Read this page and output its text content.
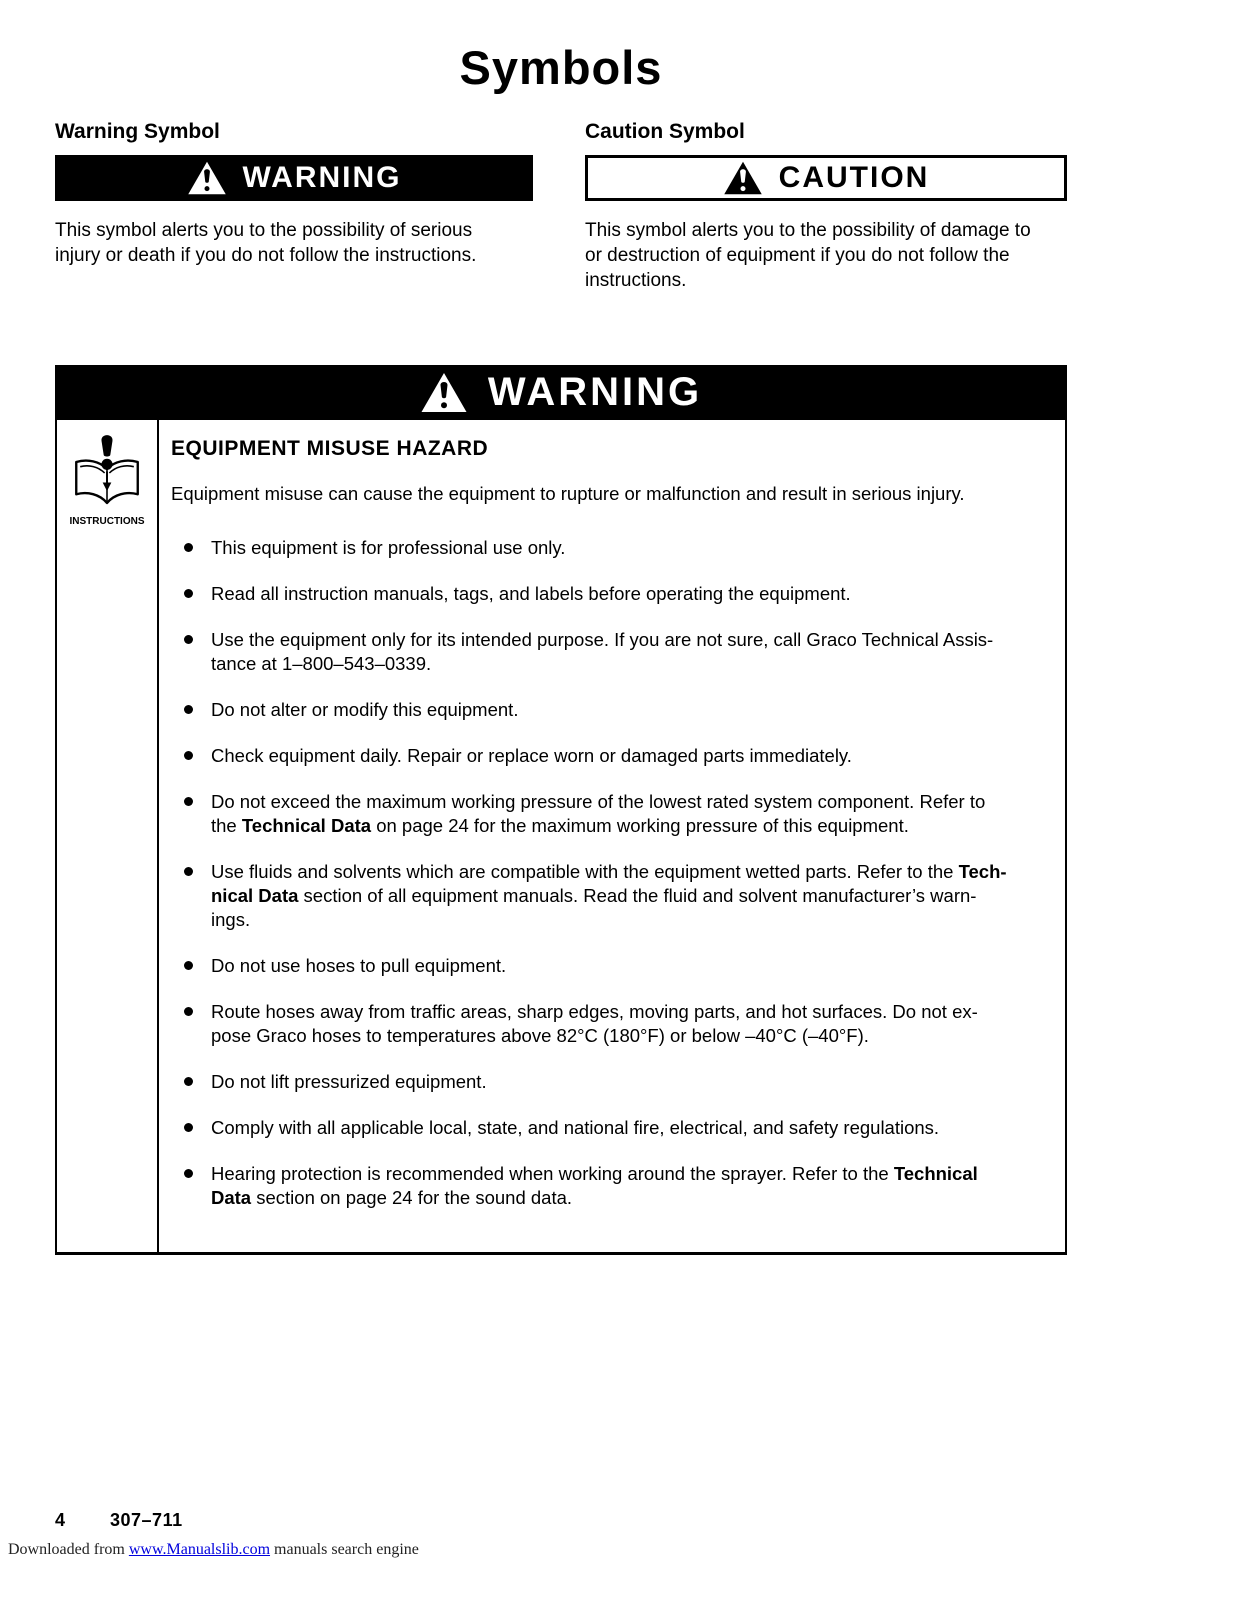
Symbols
Warning Symbol
WARNING

This symbol alerts you to the possibility of serious
injury or death if you do not follow the instructions.

Caution Symbol
CAUTION

This symbol alerts you to the possibility of damage to
or destruction of equipment if you do not follow the
instructions.

WARNING
INSTRUCTIONS
EQUIPMENT MISUSE HAZARD

Equipment misuse can cause the equipment to rupture or malfunction and result in serious injury.

This equipment is for professional use only.
Read all instruction manuals, tags, and labels before operating the equipment.
Use the equipment only for its intended purpose. If you are not sure, call Graco Technical Assis-
tance at 1–800–543–0339.
Do not alter or modify this equipment.
Check equipment daily. Repair or replace worn or damaged parts immediately.
Do not exceed the maximum working pressure of the lowest rated system component. Refer to
the Technical Data on page 24 for the maximum working pressure of this equipment.
Use fluids and solvents which are compatible with the equipment wetted parts. Refer to the Tech-
nical Data section of all equipment manuals. Read the fluid and solvent manufacturer’s warn-
ings.
Do not use hoses to pull equipment.
Route hoses away from traffic areas, sharp edges, moving parts, and hot surfaces. Do not ex-
pose Graco hoses to temperatures above 82°C (180°F) or below –40°C (–40°F).
Do not lift pressurized equipment.
Comply with all applicable local, state, and national fire, electrical, and safety regulations.
Hearing protection is recommended when working around the sprayer. Refer to the Technical
Data section on page 24 for the sound data.
4	307–711
Downloaded from www.Manualslib.com manuals search engine
